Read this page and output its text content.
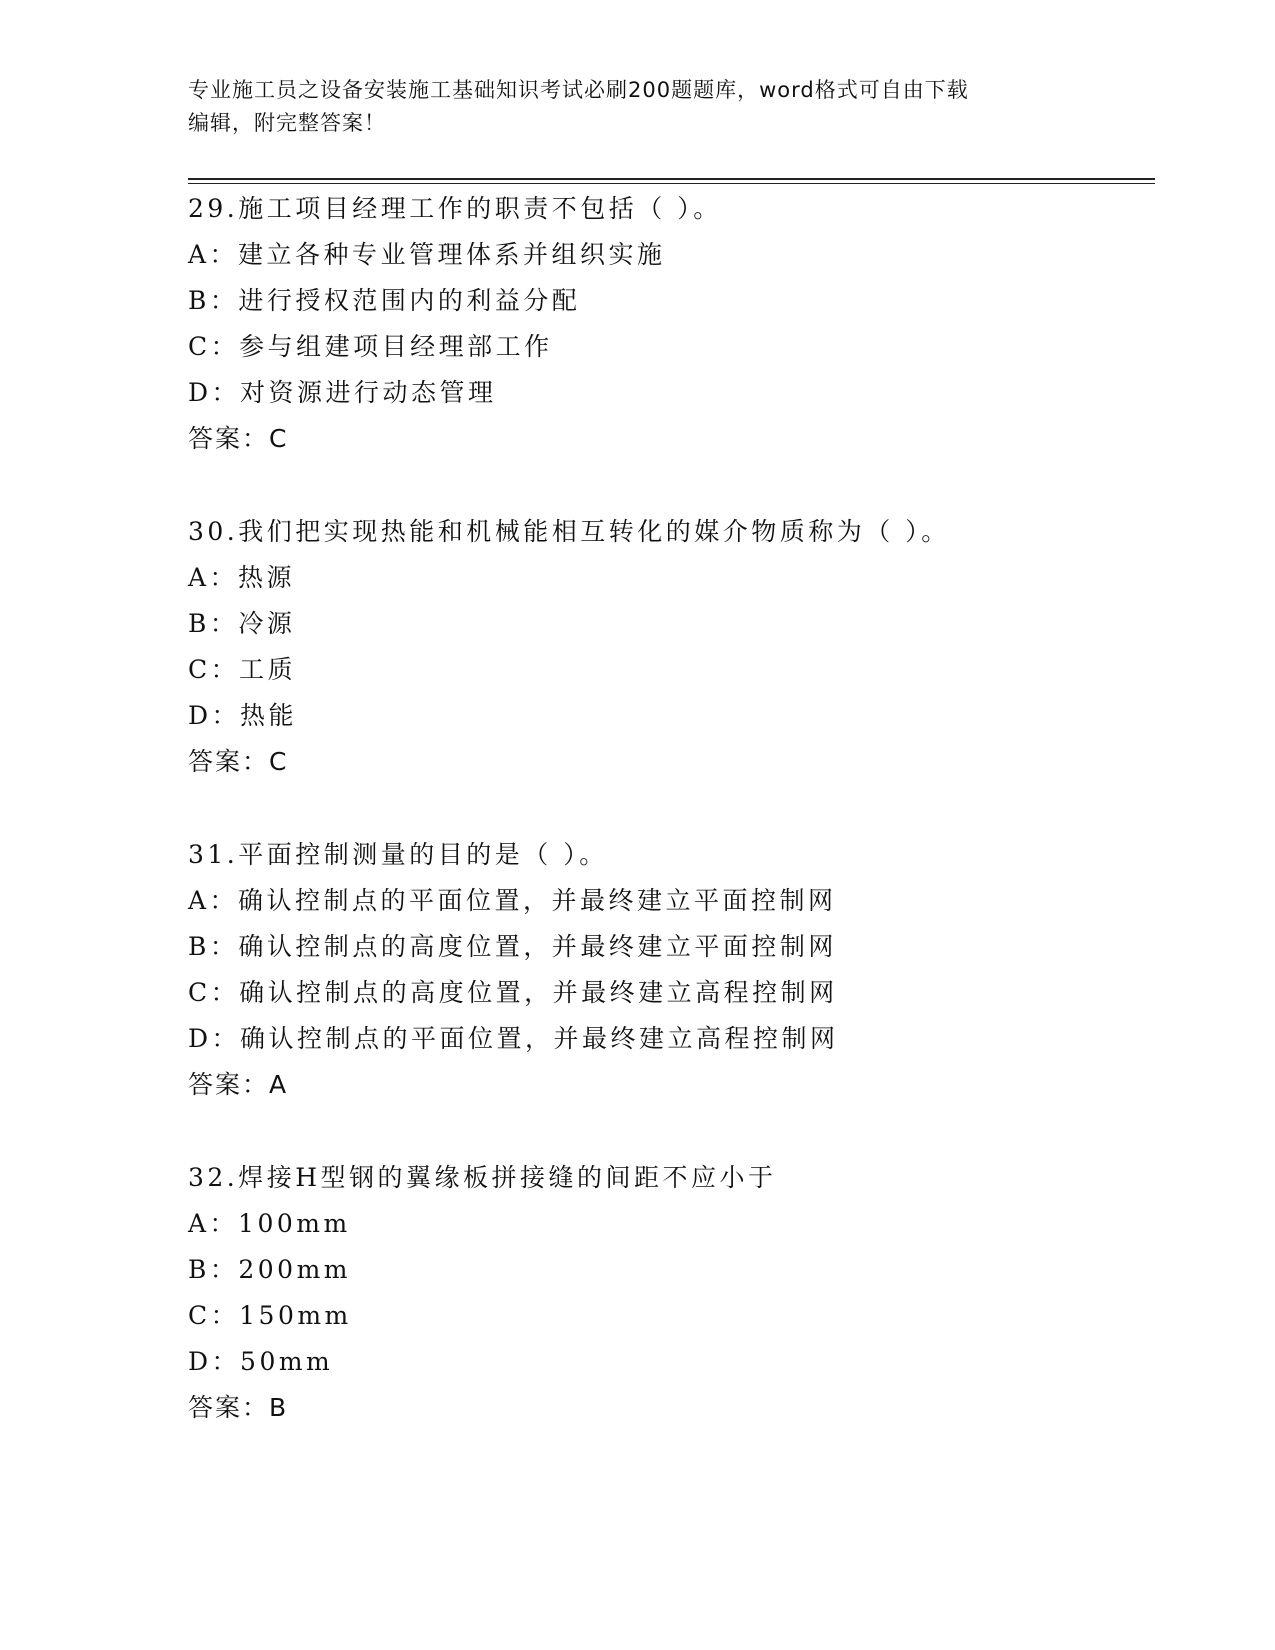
专业施工员之设备安装施工基础知识考试必刷200题题库，word格式可自由下载
编辑，附完整答案！
29.施工项目经理工作的职责不包括（ ）。
A：建立各种专业管理体系并组织实施
B：进行授权范围内的利益分配
C：参与组建项目经理部工作
D：对资源进行动态管理
答案：C
30.我们把实现热能和机械能相互转化的媒介物质称为（ ）。
A：热源
B：冷源
C：工质
D：热能
答案：C
31.平面控制测量的目的是（ ）。
A：确认控制点的平面位置，并最终建立平面控制网
B：确认控制点的高度位置，并最终建立平面控制网
C：确认控制点的高度位置，并最终建立高程控制网
D：确认控制点的平面位置，并最终建立高程控制网
答案：A
32.焊接H型钢的翼缘板拼接缝的间距不应小于
A：100mm
B：200mm
C：150mm
D：50mm
答案：B
